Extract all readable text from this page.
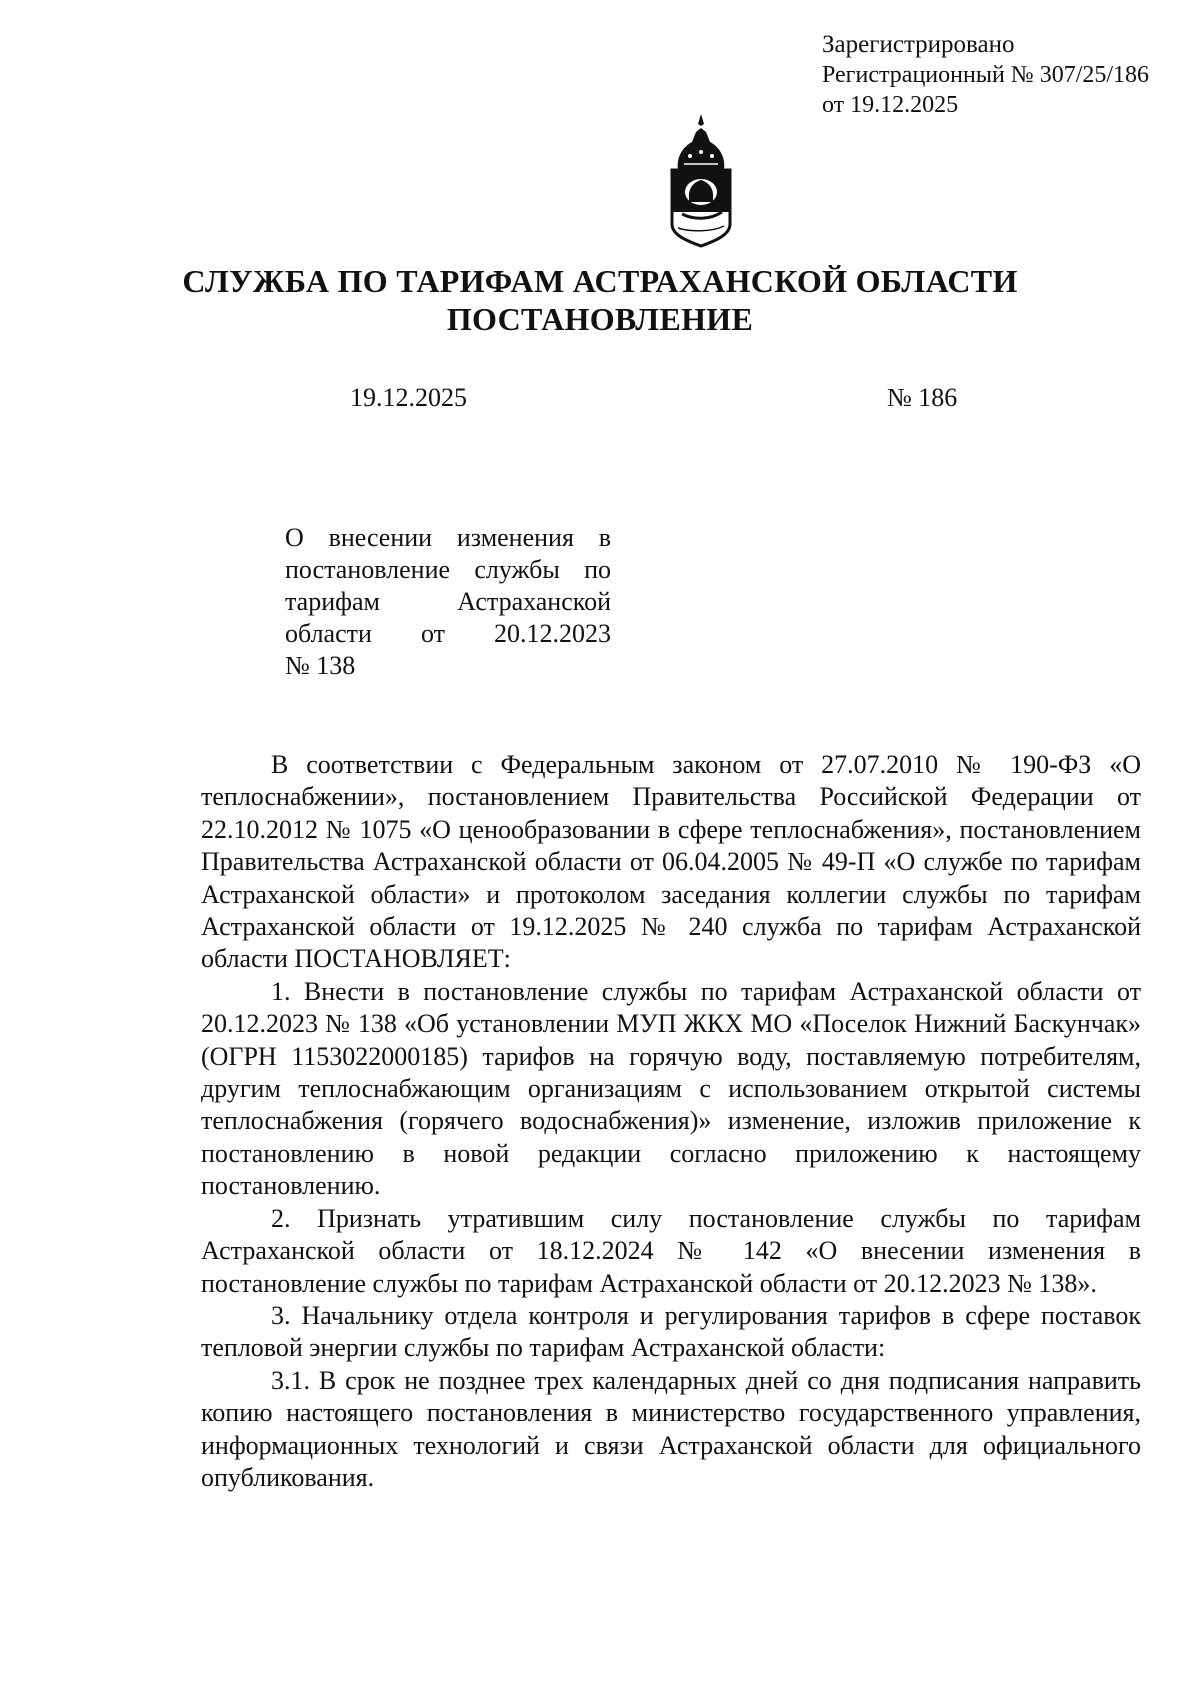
Зарегистрировано
Регистрационный № 307/25/186
от 19.12.2025
СЛУЖБА ПО ТАРИФАМ АСТРАХАНСКОЙ ОБЛАСТИ
ПОСТАНОВЛЕНИЕ
19.12.2025	№ 186
О внесении изменения в
постановление службы по
тарифам Астраханской
области от 20.12.2023
№ 138

В соответствии с Федеральным законом от 27.07.2010 № 190-ФЗ «О теплоснабжении», постановлением Правительства Российской Федерации от 22.10.2012 № 1075 «О ценообразовании в сфере теплоснабжения», постановлением Правительства Астраханской области от 06.04.2005 № 49-П «О службе по тарифам Астраханской области» и протоколом заседания коллегии службы по тарифам Астраханской области от 19.12.2025 № 240 служба по тарифам Астраханской области ПОСТАНОВЛЯЕТ:

1. Внести в постановление службы по тарифам Астраханской области от 20.12.2023 № 138 «Об установлении МУП ЖКХ МО «Поселок Нижний Баскунчак» (ОГРН 1153022000185) тарифов на горячую воду, поставляемую потребителям, другим теплоснабжающим организациям с использованием открытой системы теплоснабжения (горячего водоснабжения)» изменение, изложив приложение к постановлению в новой редакции согласно приложению к настоящему постановлению.

2. Признать утратившим силу постановление службы по тарифам Астраханской области от 18.12.2024 № 142 «О внесении изменения в постановление службы по тарифам Астраханской области от 20.12.2023 № 138».

3. Начальнику отдела контроля и регулирования тарифов в сфере поставок тепловой энергии службы по тарифам Астраханской области:

3.1. В срок не позднее трех календарных дней со дня подписания направить копию настоящего постановления в министерство государственного управления, информационных технологий и связи Астраханской области для официального опубликования.
